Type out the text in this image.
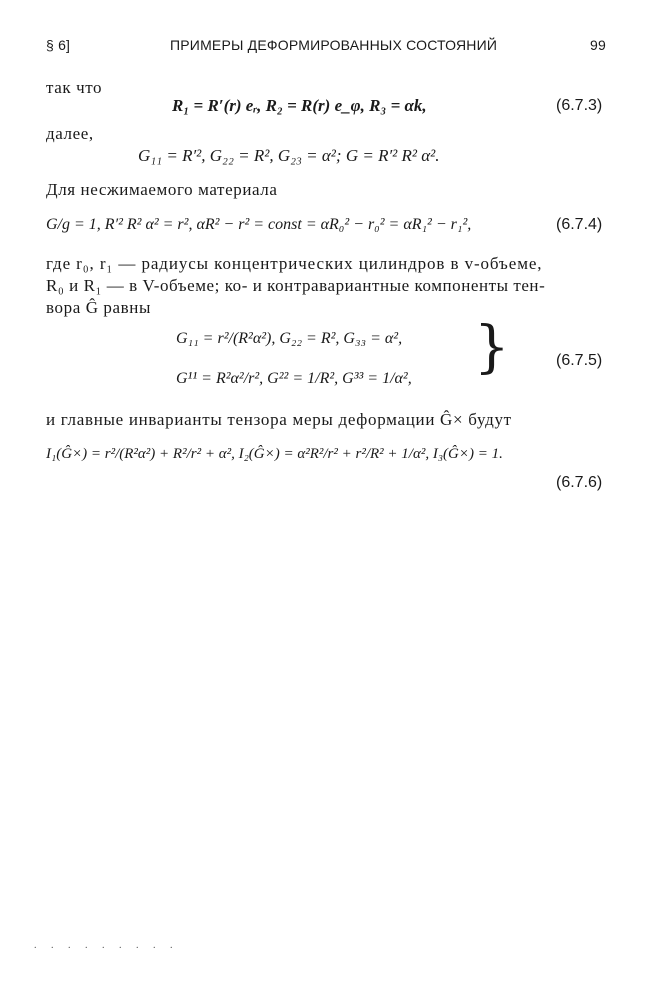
§ 6]	ПРИМЕРЫ ДЕФОРМИРОВАННЫХ СОСТОЯНИЙ	99
так что
R₁ = R′(r) eᵣ, R₂ = R(r) e_φ, R₃ = αk,	(6.7.3)
далее,
G₁₁ = R′², G₂₂ = R², G₂₃ = α²; G = R′² R² α².
Для несжимаемого материала
G/g = 1, R′² R² α² = r², αR² − r² = const = αR₀² − r₀² = αR₁² − r₁²,	(6.7.4)
где r₀, r₁ — радиусы концентрических цилиндров в v-объеме,
R₀ и R₁ — в V-объеме; ко- и контравариантные компоненты тен-
вора Ĝ равны
G₁₁ = r²/(R²α²), G₂₂ = R², G₃₃ = α²,
G¹¹ = R²α²/r², G²² = 1/R², G³³ = 1/α², }	(6.7.5)
и главные инварианты тензора меры деформации Ĝ× будут
I₁(Ĝ×) = r²/(R²α²) + R²/r² + α², I₂(Ĝ×) = α²R²/r² + r²/R² + 1/α², I₃(Ĝ×) = 1.
(6.7.6)
. . . . . . . . .
